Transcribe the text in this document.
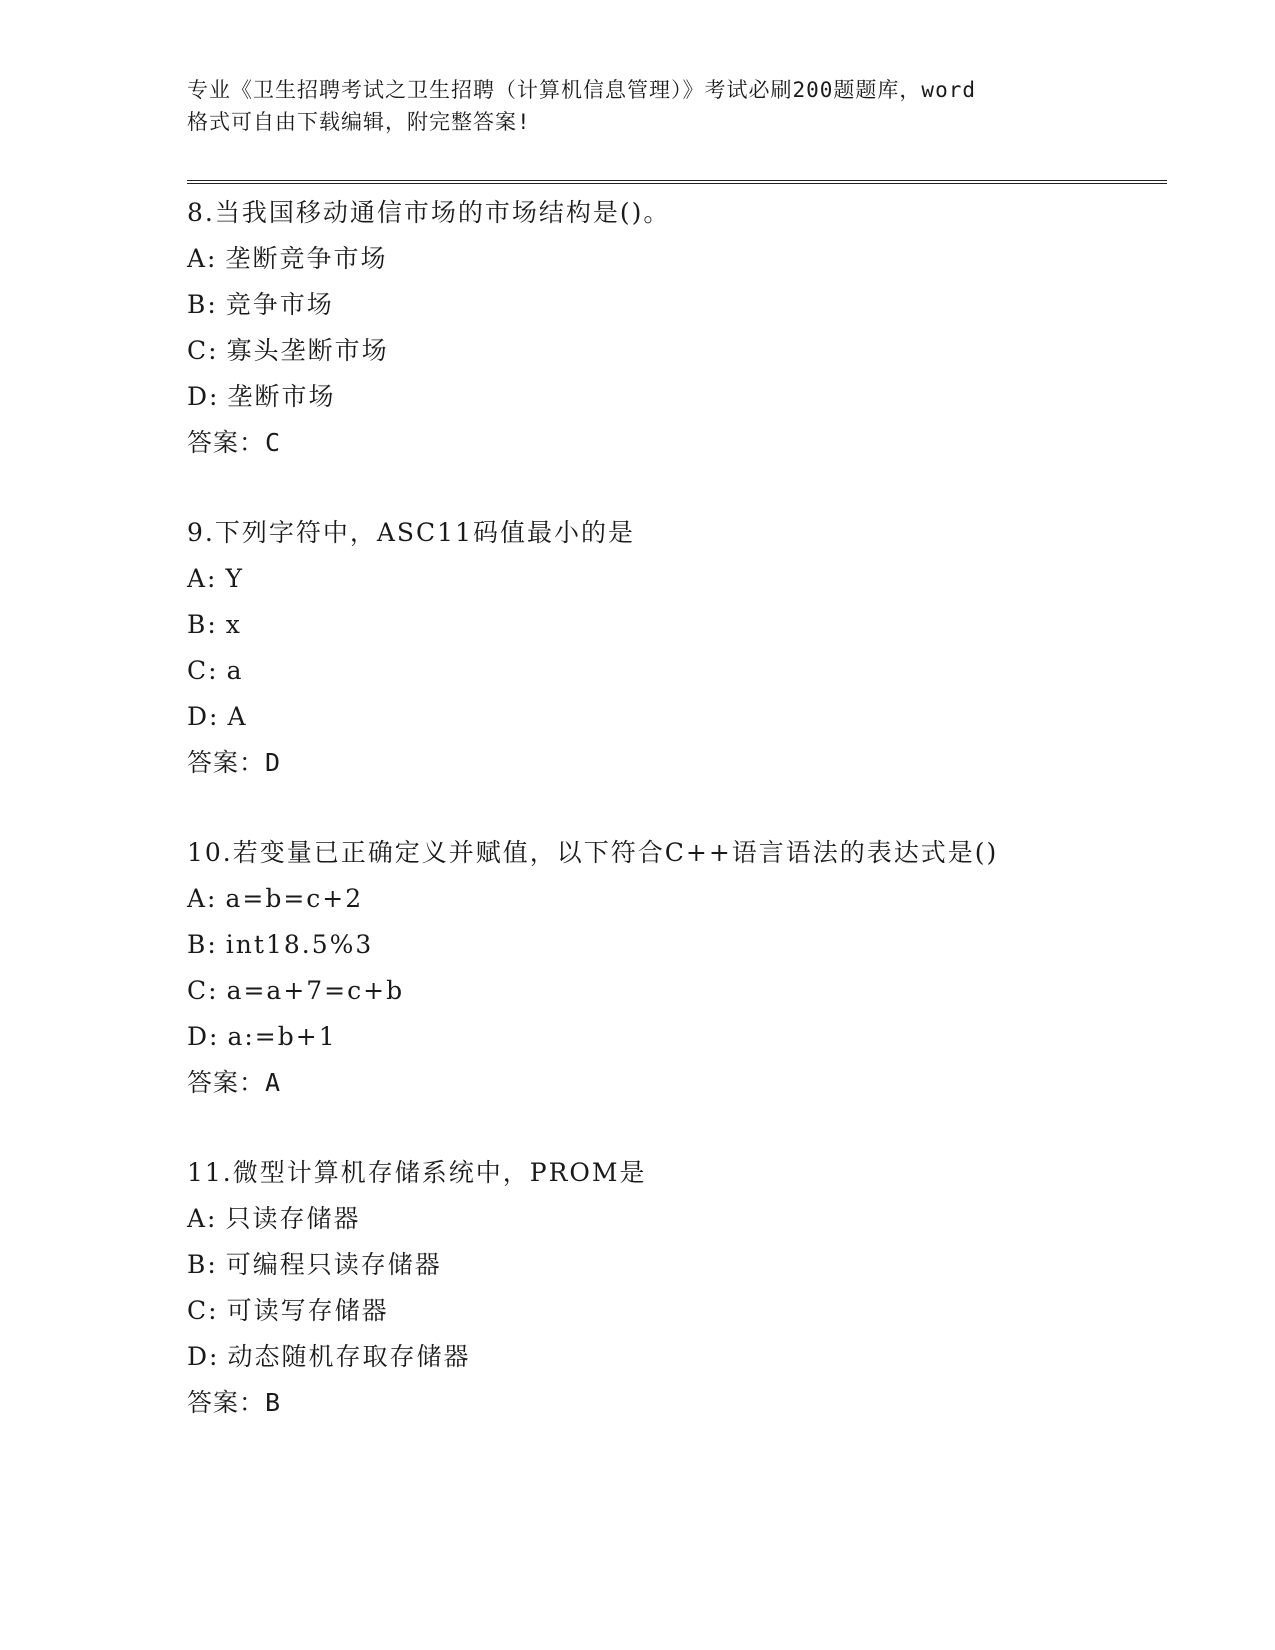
专业《卫生招聘考试之卫生招聘（计算机信息管理）》考试必刷200题题库，word
格式可自由下载编辑，附完整答案!
8.当我国移动通信市场的市场结构是()。
A: 垄断竞争市场
B: 竞争市场
C: 寡头垄断市场
D: 垄断市场
答案：C
9.下列字符中，ASC11码值最小的是
A: Y
B: x
C: a
D: A
答案：D
10.若变量已正确定义并赋值，以下符合C++语言语法的表达式是()
A: a=b=c+2
B: int18.5%3
C: a=a+7=c+b
D: a:=b+1
答案：A
11.微型计算机存储系统中，PROM是
A: 只读存储器
B: 可编程只读存储器
C: 可读写存储器
D: 动态随机存取存储器
答案：B
